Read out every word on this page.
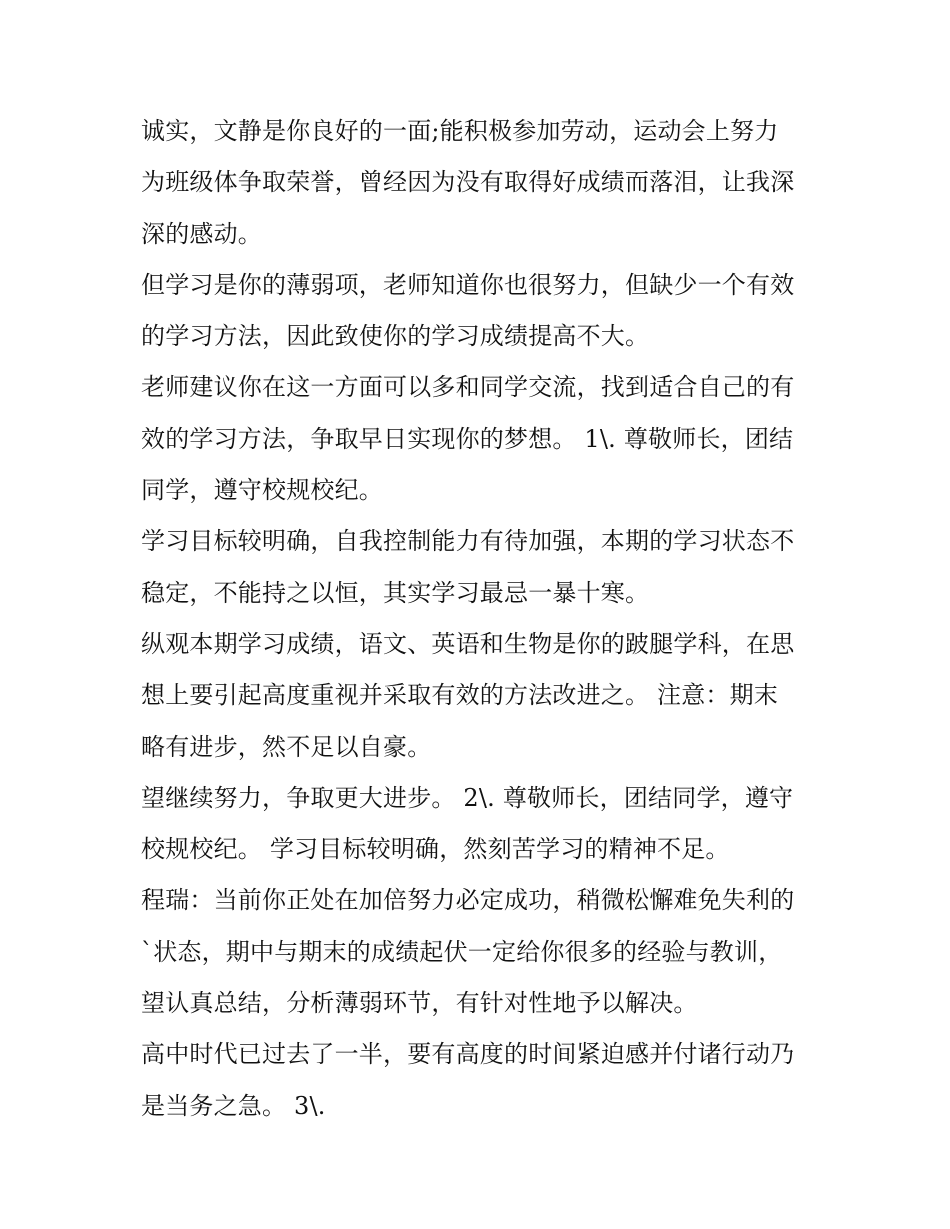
诚实，文静是你良好的一面;能积极参加劳动，运动会上努力
为班级体争取荣誉，曾经因为没有取得好成绩而落泪，让我深
深的感动。
但学习是你的薄弱项，老师知道你也很努力，但缺少一个有效
的学习方法，因此致使你的学习成绩提高不大。
老师建议你在这一方面可以多和同学交流，找到适合自己的有
效的学习方法，争取早日实现你的梦想。 1\. 尊敬师长，团结
同学，遵守校规校纪。
学习目标较明确，自我控制能力有待加强，本期的学习状态不
稳定，不能持之以恒，其实学习最忌一暴十寒。
纵观本期学习成绩，语文、英语和生物是你的跛腿学科，在思
想上要引起高度重视并采取有效的方法改进之。 注意：期末
略有进步，然不足以自豪。
望继续努力，争取更大进步。 2\. 尊敬师长，团结同学，遵守
校规校纪。 学习目标较明确，然刻苦学习的精神不足。
程瑞：当前你正处在加倍努力必定成功，稍微松懈难免失利的
`状态，期中与期末的成绩起伏一定给你很多的经验与教训，
望认真总结，分析薄弱环节，有针对性地予以解决。
高中时代已过去了一半，要有高度的时间紧迫感并付诸行动乃
是当务之急。 3\.
